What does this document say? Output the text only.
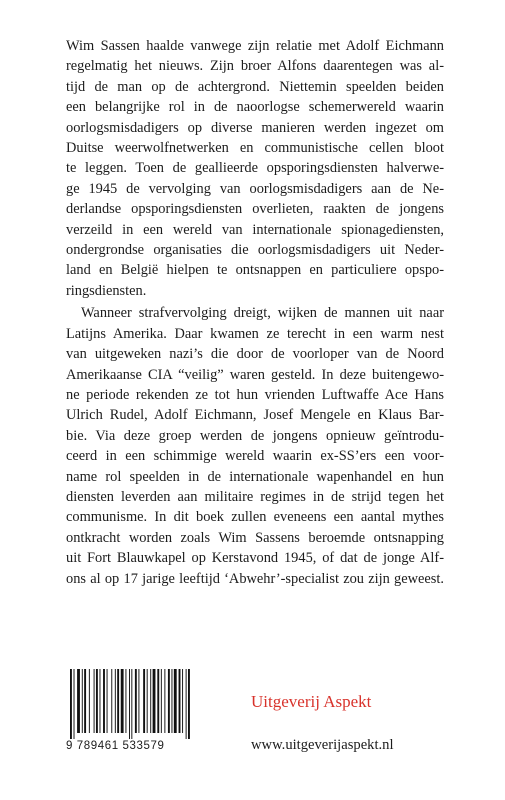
Wim Sassen haalde vanwege zijn relatie met Adolf Eichmann
regelmatig het nieuws. Zijn broer Alfons daarentegen was al-
tijd de man op de achtergrond. Niettemin speelden beiden
een belangrijke rol in de naoorlogse schemerwereld waarin
oorlogsmisdadigers op diverse manieren werden ingezet om
Duitse weerwolfnetwerken en communistische cellen bloot
te leggen. Toen de geallieerde opsporingsdiensten halverwe-
ge 1945 de vervolging van oorlogsmisdadigers aan de Ne-
derlandse opsporingsdiensten overlieten, raakten de jongens
verzeild in een wereld van internationale spionagediensten,
ondergrondse organisaties die oorlogsmisdadigers uit Neder-
land en België hielpen te ontsnappen en particuliere opspo-
ringsdiensten.
Wanneer strafvervolging dreigt, wijken de mannen uit naar
Latijns Amerika. Daar kwamen ze terecht in een warm nest
van uitgeweken nazi’s die door de voorloper van de Noord
Amerikaanse CIA “veilig” waren gesteld. In deze buitengewo-
ne periode rekenden ze tot hun vrienden Luftwaffe Ace Hans
Ulrich Rudel, Adolf Eichmann, Josef Mengele en Klaus Bar-
bie. Via deze groep werden de jongens opnieuw geïntrodu-
ceerd in een schimmige wereld waarin ex-SS’ers een voor-
name rol speelden in de internationale wapenhandel en hun
diensten leverden aan militaire regimes in de strijd tegen het
communisme. In dit boek zullen eveneens een aantal mythes
ontkracht worden zoals Wim Sassens beroemde ontsnapping
uit Fort Blauwkapel op Kerstavond 1945, of dat de jonge Alf-
ons al op 17 jarige leeftijd ‘Abwehr’-specialist zou zijn geweest.
9 789461 533579
Uitgeverij Aspekt
www.uitgeverijaspekt.nl
